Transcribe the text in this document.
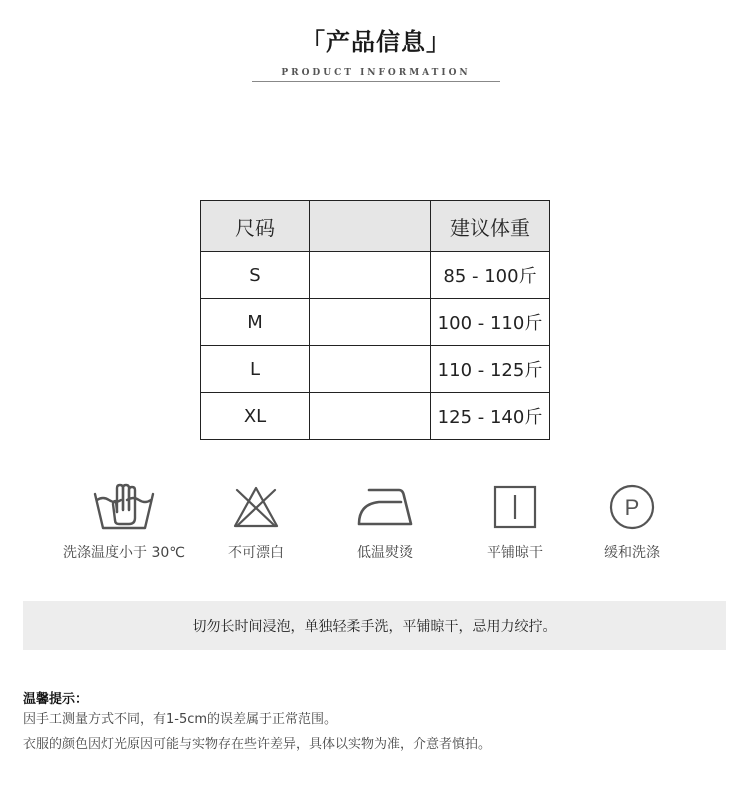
「产品信息」
PRODUCT INFORMATION
尺码		建议体重
S		85 - 100斤
M		100 - 110斤
L		110 - 125斤
XL		125 - 140斤
洗涤温度小于 30℃	不可漂白	低温熨烫	平铺晾干
P
缓和洗涤
切勿长时间浸泡，单独轻柔手洗，平铺晾干，忌用力绞拧。
温馨提示：
因手工测量方式不同，有1-5cm的误差属于正常范围。
衣服的颜色因灯光原因可能与实物存在些许差异，具体以实物为准，介意者慎拍。
